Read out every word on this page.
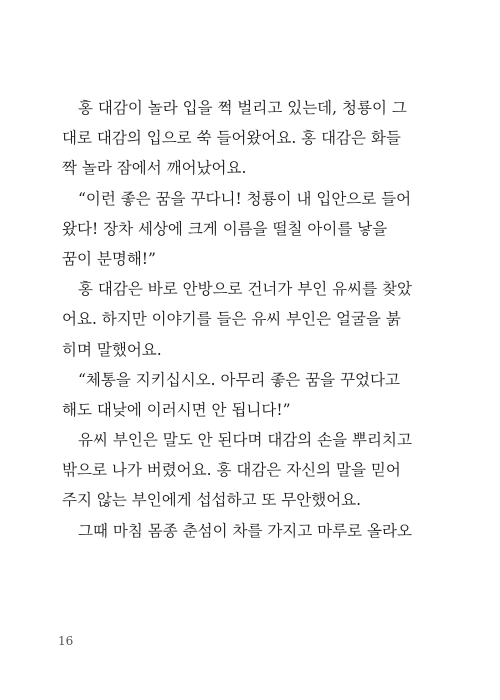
홍 대감이 놀라 입을 쩍 벌리고 있는데, 청룡이 그
대로 대감의 입으로 쑥 들어왔어요. 홍 대감은 화들
짝 놀라 잠에서 깨어났어요.
“이런 좋은 꿈을 꾸다니! 청룡이 내 입안으로 들어
왔다! 장차 세상에 크게 이름을 떨칠 아이를 낳을
꿈이 분명해!”
홍 대감은 바로 안방으로 건너가 부인 유씨를 찾았
어요. 하지만 이야기를 들은 유씨 부인은 얼굴을 붉
히며 말했어요.
“체통을 지키십시오. 아무리 좋은 꿈을 꾸었다고
해도 대낮에 이러시면 안 됩니다!”
유씨 부인은 말도 안 된다며 대감의 손을 뿌리치고
밖으로 나가 버렸어요. 홍 대감은 자신의 말을 믿어
주지 않는 부인에게 섭섭하고 또 무안했어요.
그때 마침 몸종 춘섬이 차를 가지고 마루로 올라오
16
